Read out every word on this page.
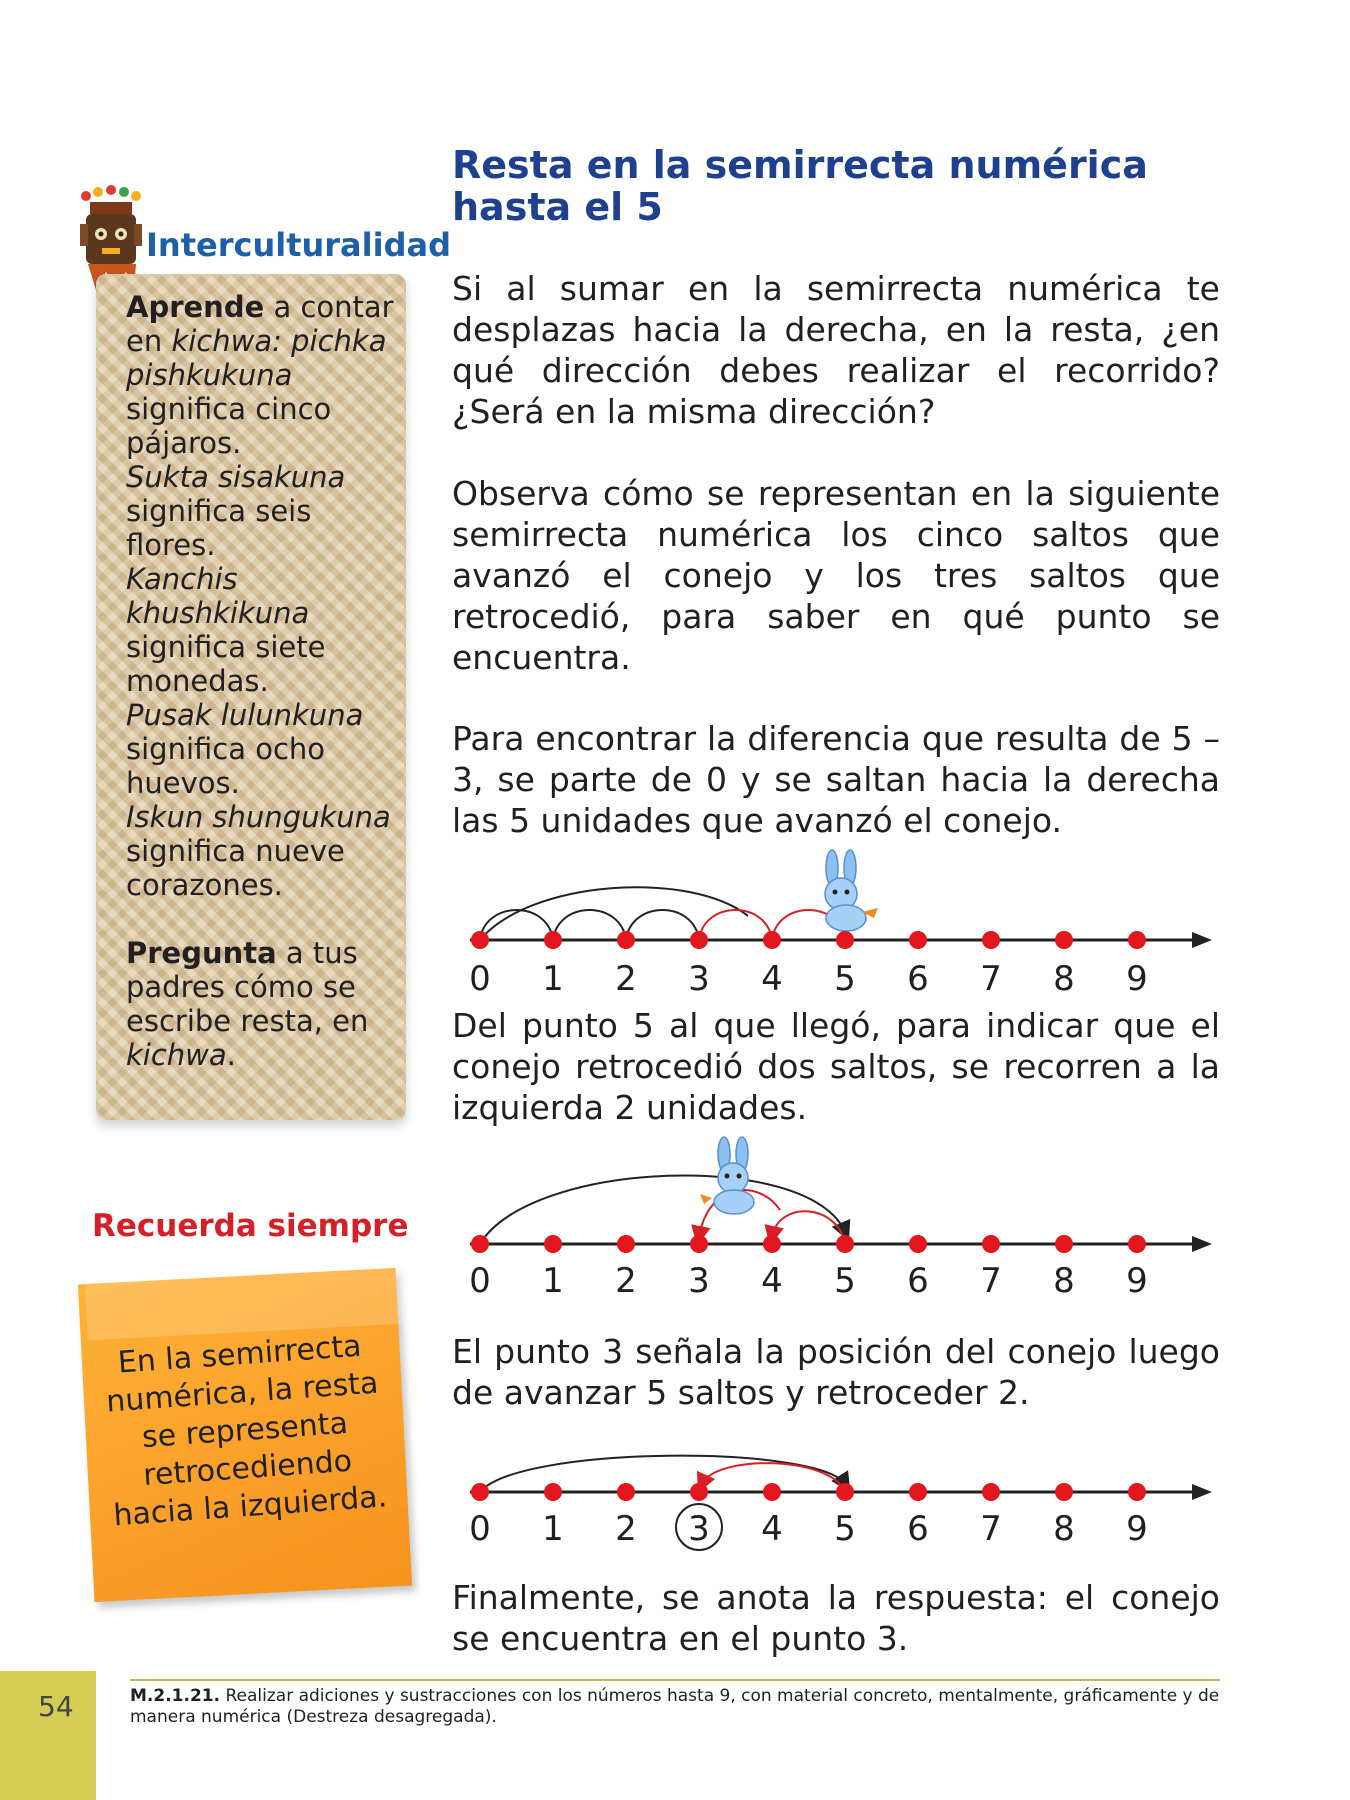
Resta en la semirrecta numérica hasta el 5

Si al sumar en la semirrecta numérica te desplazas hacia la derecha, en la resta, ¿en qué dirección debes realizar el recorrido? ¿Será en la misma dirección?

Observa cómo se representan en la siguiente semirrecta numérica los cinco saltos que avanzó el conejo y los tres saltos que retrocedió, para saber en qué punto se encuentra.

Para encontrar la diferencia que resulta de 5 – 3, se parte de 0 y se saltan hacia la derecha las 5 unidades que avanzó el conejo.

0 1 2 3 4 5 6 7 8 9

Del punto 5 al que llegó, para indicar que el conejo retrocedió dos saltos, se recorren a la izquierda 2 unidades.

0 1 2 3 4 5 6 7 8 9

El punto 3 señala la posición del conejo luego de avanzar 5 saltos y retroceder 2.

0 1 2 3 4 5 6 7 8 9

Finalmente, se anota la respuesta: el conejo se encuentra en el punto 3.

Interculturalidad

Aprende a contar en kichwa: pichka pishkukuna significa cinco pájaros.
Sukta sisakuna significa seis flores.
Kanchis khushkikuna significa siete monedas.
Pusak lulunkuna significa ocho huevos.
Iskun shungukuna significa nueve corazones.

Pregunta a tus padres cómo se escribe resta, en kichwa.

Recuerda siempre

En la semirrecta numérica, la resta se representa retrocediendo hacia la izquierda.

M.2.1.21. Realizar adiciones y sustracciones con los números hasta 9, con material concreto, mentalmente, gráficamente y de manera numérica (Destreza desagregada).

54
